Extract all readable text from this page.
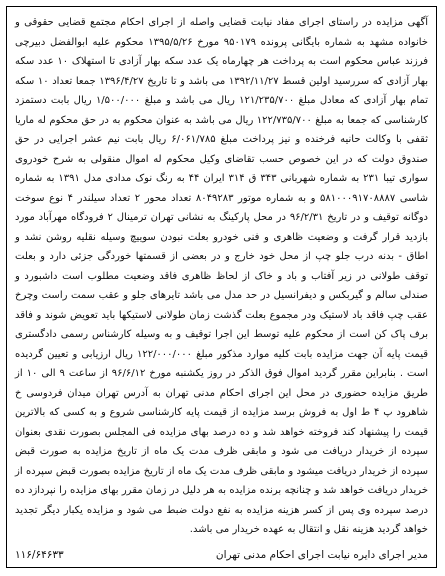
آگهی مزایده در راستای اجرای مفاد نیابت قضایی واصله از اجرای احکام مجتمع قضایی حقوقی و خانواده مشهد به شماره بایگانی پرونده ۹۵۰۱۷۹ مورخ ۱۳۹۵/۵/۲۶ محکوم علیه ابوالفضل دبیرچی فرزند عباس محکوم است به پرداخت هر چهارماه یک عدد سکه بهار آزادی تا استهلاک ۱۰ عدد سکه بهار آزادی که سررسید اولین قسط ۱۳۹۲/۱۱/۲۷ می باشد و تا تاریخ ۱۳۹۶/۴/۲۷ جمعا تعداد ۱۰ سکه تمام بهار آزادی که معادل مبلغ ۱۲۱/۲۳۵/۷۰۰ ریال می باشد و مبلغ ۱/۵۰۰/۰۰۰ ریال بابت دستمزد کارشناسی که جمعا به مبلغ ۱۲۲/۷۳۵/۷۰۰ ریال می باشد به عنوان محکوم به در حق محکوم له ماریا ثقفی با وکالت حانیه فرخنده و نیز پرداخت مبلغ ۶/۰۶۱/۷۸۵ ریال بابت نیم عشر اجرایی در حق صندوق دولت که در این خصوص حسب تقاضای وکیل محکوم له اموال منقولی به شرح خودروی سواری تیبا ۲۳۱ به شماره شهربانی ۳۴۳ ق ۳۱۴ ایران ۴۴ به رنگ نوک مدادی مدل ۱۳۹۱ به شماره شاسی ۵۸۱۰۰۰۹۱۷۰۸۸۸۷ و به شماره موتور ۸۰۴۹۲۸۳ تعداد محور ۲ تعداد سیلندر ۴ نوع سوخت دوگانه توقیف و در تاریخ ۹۶/۲/۳۱ در محل پارکینگ به نشانی تهران ترمینال ۲ فرودگاه مهرآباد مورد بازدید قرار گرفت و وضعیت ظاهری و فنی خودرو بعلت نبودن سوییچ وسیله نقلیه روشن نشد و اطاق - بدنه درب جلو چپ از محل خود خارج و در بعضی از قسمتها خوردگی جزئی دارد و بعلت توقف طولانی در زیر آفتاب و باد و خاک از لحاظ ظاهری فاقد وضعیت مطلوب است داشبورد و صندلی سالم و گیربکس و دیفرانسیل در حد مدل می باشد تایرهای جلو و عقب سمت راست وچرخ عقب چپ فاقد باد لاستیک ودر مجموع بعلت گذشت زمان طولانی لاستیکها باید تعویض شوند و فاقد برف پاک کن است از محکوم علیه توسط این اجرا توقیف و به وسیله کارشناس رسمی دادگستری قیمت پایه آن جهت مزایده بابت کلیه موارد مذکور مبلغ ۱۲۲/۰۰۰/۰۰۰ ریال ارزیابی و تعیین گردیده است . بنابراین مقرر گردید اموال فوق الذکر در روز یکشنبه مورخ ۹۶/۶/۱۲ از ساعت ۹ الی ۱۰ از طریق مزایده حضوری در محل این اجرای احکام مدنی تهران به آدرس تهران میدان فردوسی خ شاهرود پ ۴ ط اول به فروش برسد مزایده از قیمت پایه کارشناسی شروع و به کسی که بالاترین قیمت را پیشنهاد کند فروخته خواهد شد و ده درصد بهای مزایده فی المجلس بصورت نقدی بعنوان سپرده از خریدار دریافت می شود و مابقی ظرف مدت یک ماه از تاریخ مزایده به صورت قبض سپرده از خریدار دریافت میشود و مابقی ظرف مدت یک ماه از تاریخ مزایده بصورت قبض سپرده از خریدار دریافت خواهد شد و چنانچه برنده مزایده به هر دلیل در زمان مقرر بهای مزایده را نپردازد ده درصد سپرده وی پس از کسر هزینه مزایده به نفع دولت ضبط می شود و مزایده یکبار دیگر تجدید خواهد گردید هزینه نقل و انتقال به عهده خریدار می باشد.

مدیر اجرای دایره نیابت اجرای احکام مدنی تهران
۱۱۶/۶۴۶۳۳
